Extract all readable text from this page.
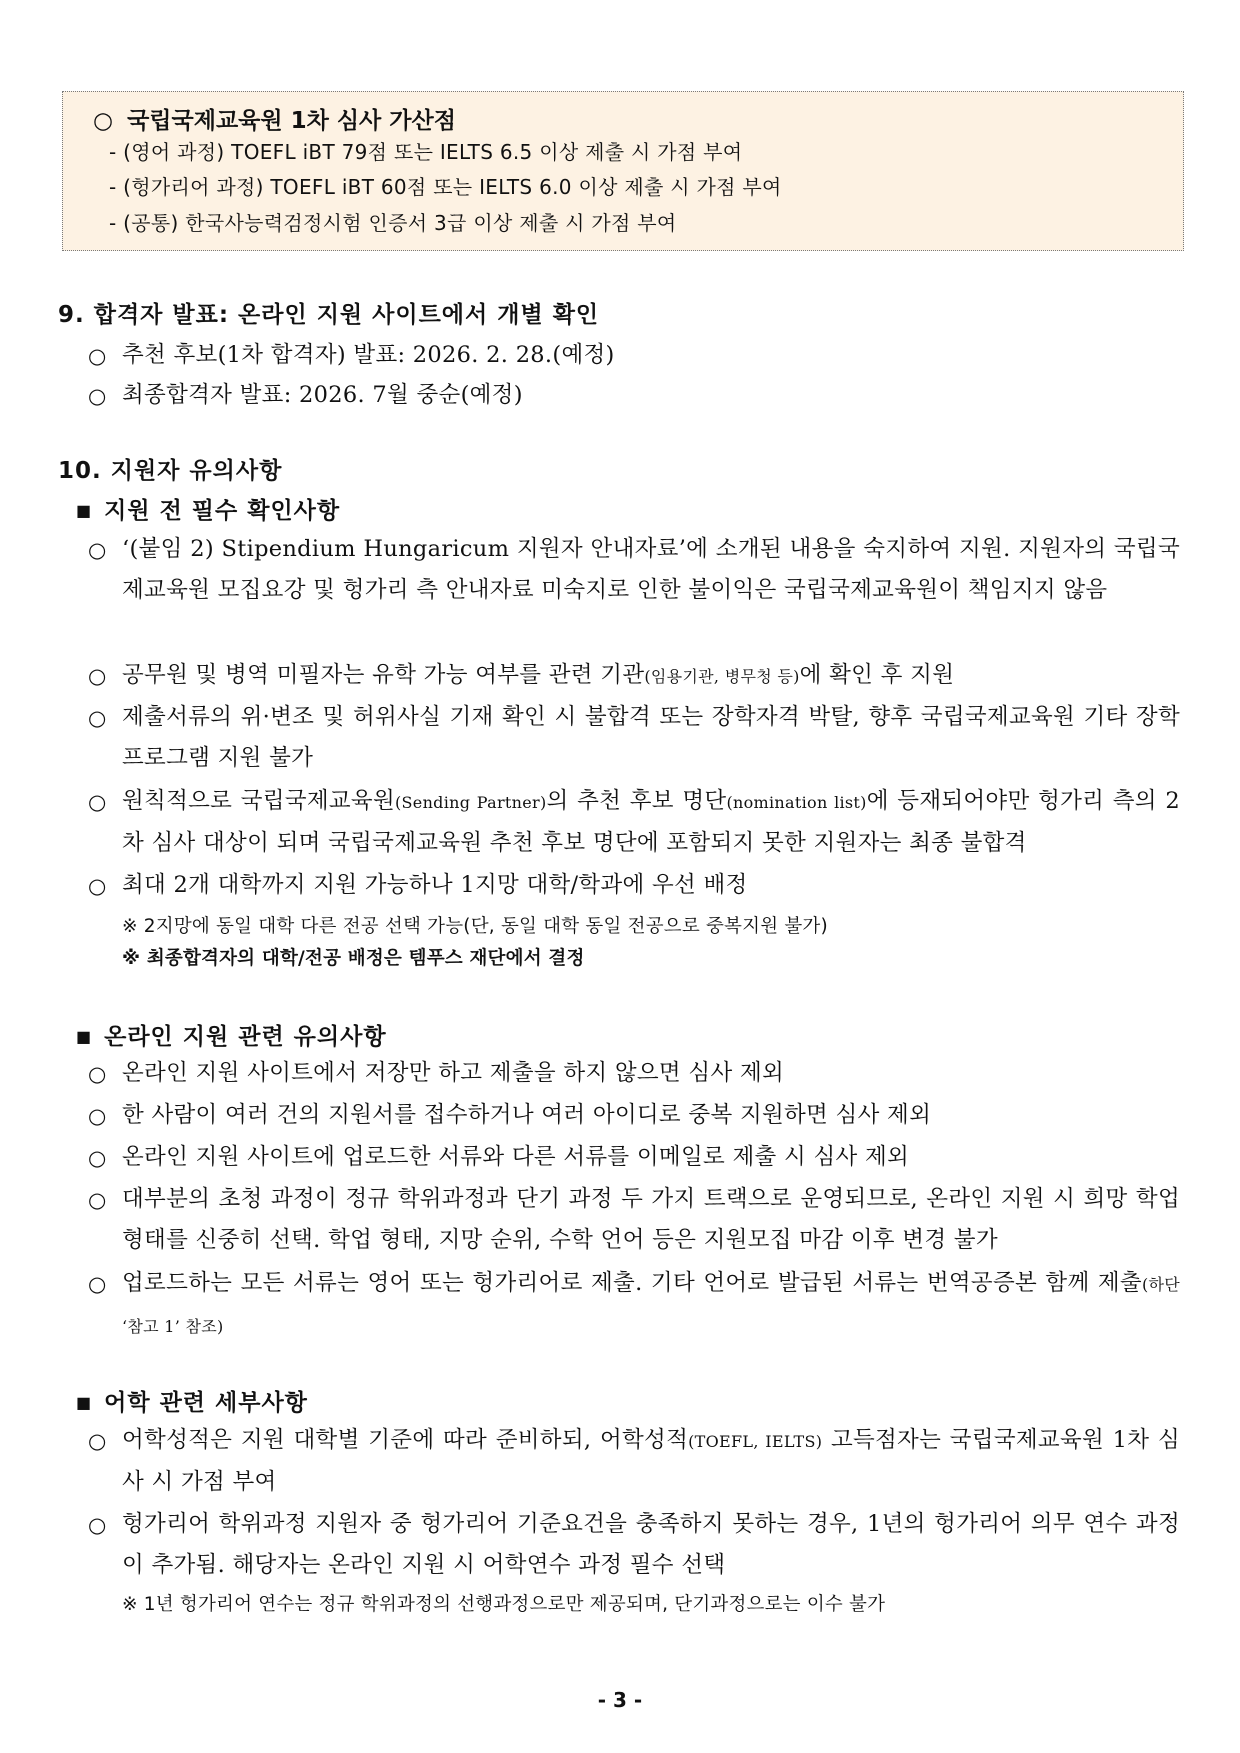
○ 국립국제교육원 1차 심사 가산점
- (영어 과정) TOEFL iBT 79점 또는 IELTS 6.5 이상 제출 시 가점 부여
- (헝가리어 과정) TOEFL iBT 60점 또는 IELTS 6.0 이상 제출 시 가점 부여
- (공통) 한국사능력검정시험 인증서 3급 이상 제출 시 가점 부여
9. 합격자 발표: 온라인 지원 사이트에서 개별 확인
○ 추천 후보(1차 합격자) 발표: 2026. 2. 28.(예정)
○ 최종합격자 발표: 2026. 7월 중순(예정)
10. 지원자 유의사항
■ 지원 전 필수 확인사항
○ ‘(붙임 2) Stipendium Hungaricum 지원자 안내자료’에 소개된 내용을 숙지하여 지원. 지원자의 국립국제교육원 모집요강 및 헝가리 측 안내자료 미숙지로 인한 불이익은 국립국제교육원이 책임지지 않음
○ 공무원 및 병역 미필자는 유학 가능 여부를 관련 기관(임용기관, 병무청 등)에 확인 후 지원
○ 제출서류의 위·변조 및 허위사실 기재 확인 시 불합격 또는 장학자격 박탈, 향후 국립국제교육원 기타 장학 프로그램 지원 불가
○ 원칙적으로 국립국제교육원(Sending Partner)의 추천 후보 명단(nomination list)에 등재되어야만 헝가리 측의 2차 심사 대상이 되며 국립국제교육원 추천 후보 명단에 포함되지 못한 지원자는 최종 불합격
○ 최대 2개 대학까지 지원 가능하나 1지망 대학/학과에 우선 배정
※ 2지망에 동일 대학 다른 전공 선택 가능(단, 동일 대학 동일 전공으로 중복지원 불가)
※ 최종합격자의 대학/전공 배정은 템푸스 재단에서 결정
■ 온라인 지원 관련 유의사항
○ 온라인 지원 사이트에서 저장만 하고 제출을 하지 않으면 심사 제외
○ 한 사람이 여러 건의 지원서를 접수하거나 여러 아이디로 중복 지원하면 심사 제외
○ 온라인 지원 사이트에 업로드한 서류와 다른 서류를 이메일로 제출 시 심사 제외
○ 대부분의 초청 과정이 정규 학위과정과 단기 과정 두 가지 트랙으로 운영되므로, 온라인 지원 시 희망 학업 형태를 신중히 선택. 학업 형태, 지망 순위, 수학 언어 등은 지원모집 마감 이후 변경 불가
○ 업로드하는 모든 서류는 영어 또는 헝가리어로 제출. 기타 언어로 발급된 서류는 번역공증본 함께 제출(하단 ‘참고 1’ 참조)
■ 어학 관련 세부사항
○ 어학성적은 지원 대학별 기준에 따라 준비하되, 어학성적(TOEFL, IELTS) 고득점자는 국립국제교육원 1차 심사 시 가점 부여
○ 헝가리어 학위과정 지원자 중 헝가리어 기준요건을 충족하지 못하는 경우, 1년의 헝가리어 의무 연수 과정이 추가됨. 해당자는 온라인 지원 시 어학연수 과정 필수 선택
※ 1년 헝가리어 연수는 정규 학위과정의 선행과정으로만 제공되며, 단기과정으로는 이수 불가
- 3 -
